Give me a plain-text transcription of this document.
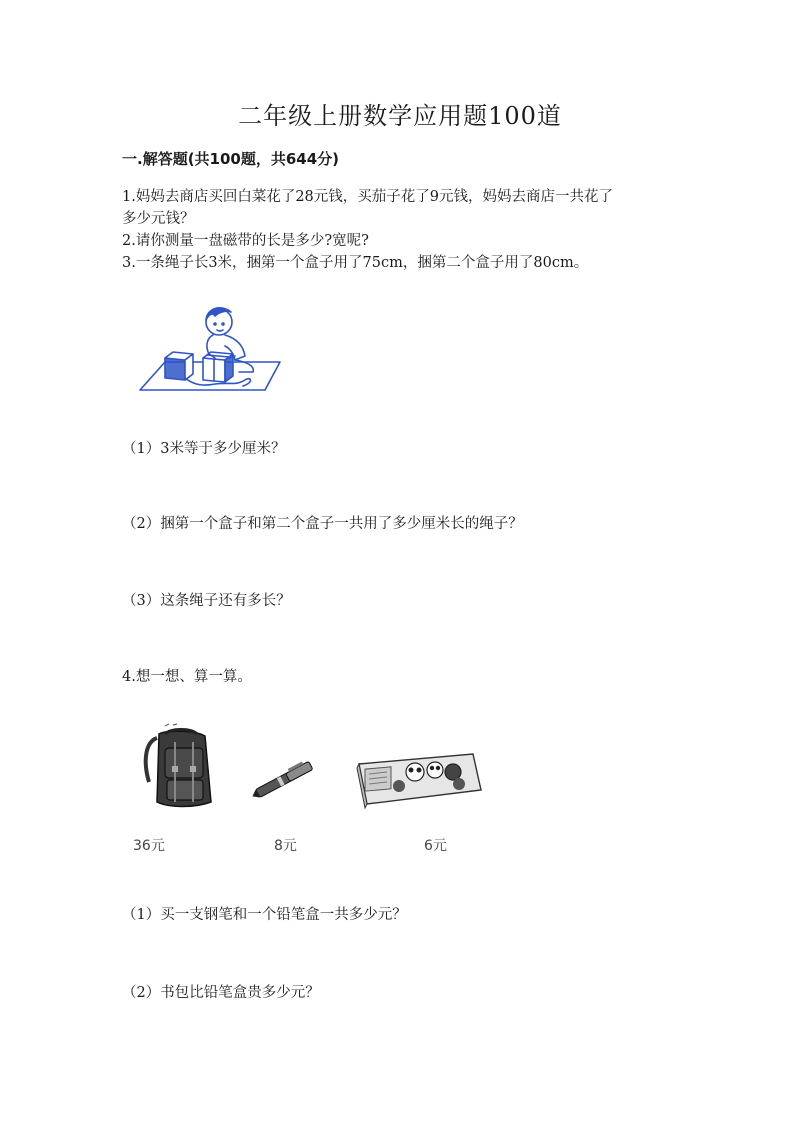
二年级上册数学应用题100道
一.解答题(共100题，共644分)
1.妈妈去商店买回白菜花了28元钱，买茄子花了9元钱，妈妈去商店一共花了
多少元钱？
2.请你测量一盘磁带的长是多少?宽呢?
3.一条绳子长3米，捆第一个盒子用了75cm，捆第二个盒子用了80cm。
（1）3米等于多少厘米？
（2）捆第一个盒子和第二个盒子一共用了多少厘米长的绳子？
（3）这条绳子还有多长？
4.想一想、算一算。
36元	8元	6元
（1）买一支钢笔和一个铅笔盒一共多少元？
（2）书包比铅笔盒贵多少元？
